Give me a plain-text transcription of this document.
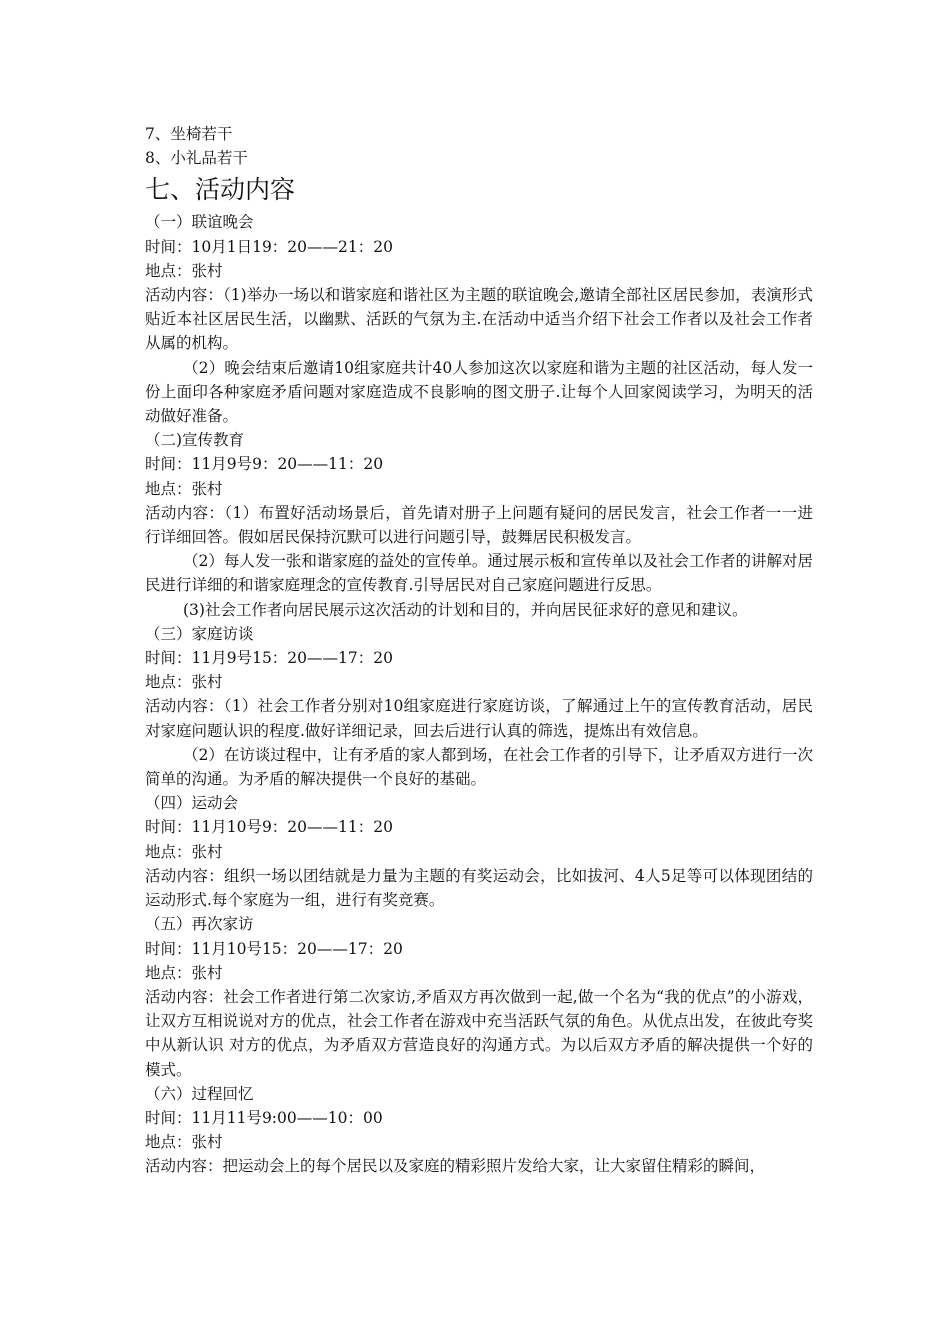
7、坐椅若干
8、小礼品若干
七、活动内容
（一）联谊晚会
时间：10月1日19：20——21：20
地点：张村
活动内容：（1)举办一场以和谐家庭和谐社区为主题的联谊晚会,邀请全部社区居民参加，表演形式贴近本社区居民生活，以幽默、活跃的气氛为主.在活动中适当介绍下社会工作者以及社会工作者从属的机构。
（2）晚会结束后邀请10组家庭共计40人参加这次以家庭和谐为主题的社区活动，每人发一份上面印各种家庭矛盾问题对家庭造成不良影响的图文册子.让每个人回家阅读学习，为明天的活动做好准备。
（二)宣传教育
时间：11月9号9：20——11：20
地点：张村
活动内容：（1）布置好活动场景后，首先请对册子上问题有疑问的居民发言，社会工作者一一进行详细回答。假如居民保持沉默可以进行问题引导，鼓舞居民积极发言。
（2）每人发一张和谐家庭的益处的宣传单。通过展示板和宣传单以及社会工作者的讲解对居民进行详细的和谐家庭理念的宣传教育.引导居民对自己家庭问题进行反思。
(3)社会工作者向居民展示这次活动的计划和目的，并向居民征求好的意见和建议。
（三）家庭访谈
时间：11月9号15：20——17：20
地点：张村
活动内容：（1）社会工作者分别对10组家庭进行家庭访谈，了解通过上午的宣传教育活动，居民对家庭问题认识的程度.做好详细记录，回去后进行认真的筛选，提炼出有效信息。
（2）在访谈过程中，让有矛盾的家人都到场，在社会工作者的引导下，让矛盾双方进行一次简单的沟通。为矛盾的解决提供一个良好的基础。
（四）运动会
时间：11月10号9：20——11：20
地点：张村
活动内容：组织一场以团结就是力量为主题的有奖运动会，比如拔河、4人5足等可以体现团结的运动形式.每个家庭为一组，进行有奖竞赛。
（五）再次家访
时间：11月10号15：20——17：20
地点：张村
活动内容：社会工作者进行第二次家访,矛盾双方再次做到一起,做一个名为“我的优点”的小游戏，让双方互相说说对方的优点，社会工作者在游戏中充当活跃气氛的角色。从优点出发，在彼此夸奖中从新认识 对方的优点，为矛盾双方营造良好的沟通方式。为以后双方矛盾的解决提供一个好的模式。
（六）过程回忆
时间：11月11号9:00——10：00
地点：张村
活动内容：把运动会上的每个居民以及家庭的精彩照片发给大家，让大家留住精彩的瞬间，
